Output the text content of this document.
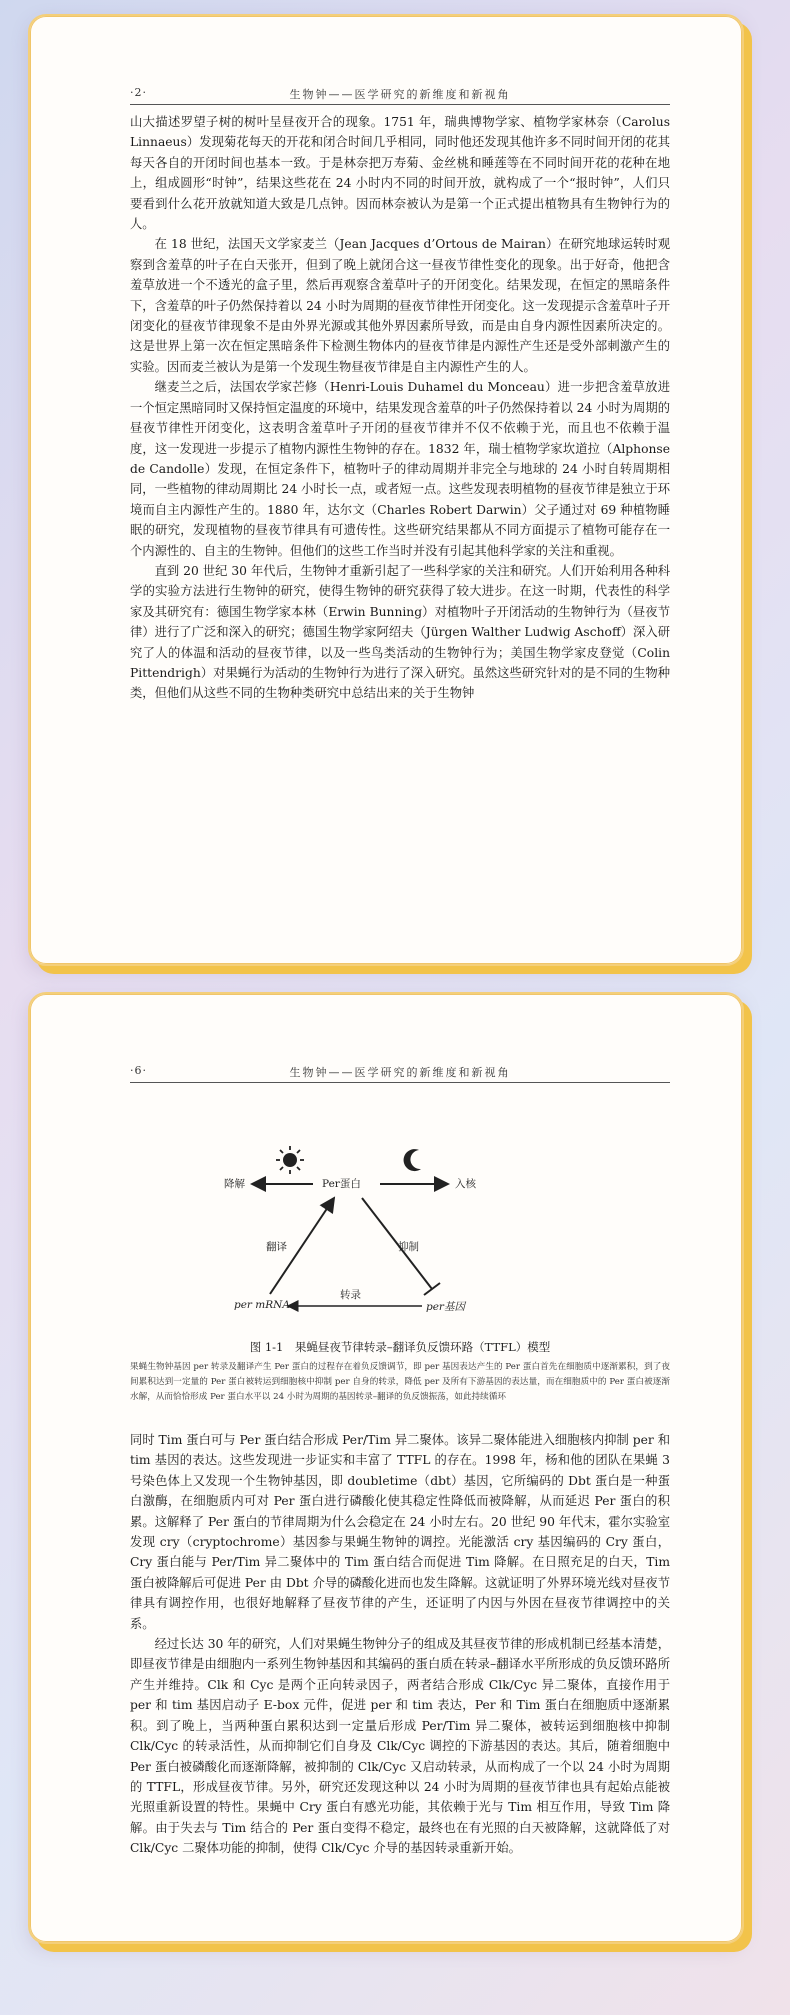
·2·	生物钟——医学研究的新维度和新视角

山大描述罗望子树的树叶呈昼夜开合的现象。1751 年，瑞典博物学家、植物学家林奈（Carolus Linnaeus）发现菊花每天的开花和闭合时间几乎相同，同时他还发现其他许多不同时间开闭的花其每天各自的开闭时间也基本一致。于是林奈把万寿菊、金丝桃和睡莲等在不同时间开花的花种在地上，组成圆形“时钟”，结果这些花在 24 小时内不同的时间开放，就构成了一个“报时钟”，人们只要看到什么花开放就知道大致是几点钟。因而林奈被认为是第一个正式提出植物具有生物钟行为的人。

在 18 世纪，法国天文学家麦兰（Jean Jacques d’Ortous de Mairan）在研究地球运转时观察到含羞草的叶子在白天张开，但到了晚上就闭合这一昼夜节律性变化的现象。出于好奇，他把含羞草放进一个不透光的盒子里，然后再观察含羞草叶子的开闭变化。结果发现，在恒定的黑暗条件下，含羞草的叶子仍然保持着以 24 小时为周期的昼夜节律性开闭变化。这一发现提示含羞草叶子开闭变化的昼夜节律现象不是由外界光源或其他外界因素所导致，而是由自身内源性因素所决定的。这是世界上第一次在恒定黑暗条件下检测生物体内的昼夜节律是内源性产生还是受外部刺激产生的实验。因而麦兰被认为是第一个发现生物昼夜节律是自主内源性产生的人。

继麦兰之后，法国农学家芒修（Henri-Louis Duhamel du Monceau）进一步把含羞草放进一个恒定黑暗同时又保持恒定温度的环境中，结果发现含羞草的叶子仍然保持着以 24 小时为周期的昼夜节律性开闭变化，这表明含羞草叶子开闭的昼夜节律并不仅不依赖于光，而且也不依赖于温度，这一发现进一步提示了植物内源性生物钟的存在。1832 年，瑞士植物学家坎道拉（Alphonse de Candolle）发现，在恒定条件下，植物叶子的律动周期并非完全与地球的 24 小时自转周期相同，一些植物的律动周期比 24 小时长一点，或者短一点。这些发现表明植物的昼夜节律是独立于环境而自主内源性产生的。1880 年，达尔文（Charles Robert Darwin）父子通过对 69 种植物睡眠的研究，发现植物的昼夜节律具有可遗传性。这些研究结果都从不同方面提示了植物可能存在一个内源性的、自主的生物钟。但他们的这些工作当时并没有引起其他科学家的关注和重视。

直到 20 世纪 30 年代后，生物钟才重新引起了一些科学家的关注和研究。人们开始利用各种科学的实验方法进行生物钟的研究，使得生物钟的研究获得了较大进步。在这一时期，代表性的科学家及其研究有：德国生物学家本林（Erwin Bunning）对植物叶子开闭活动的生物钟行为（昼夜节律）进行了广泛和深入的研究；德国生物学家阿绍夫（Jürgen Walther Ludwig Aschoff）深入研究了人的体温和活动的昼夜节律，以及一些鸟类活动的生物钟行为；美国生物学家皮登觉（Colin Pittendrigh）对果蝇行为活动的生物钟行为进行了深入研究。虽然这些研究针对的是不同的生物种类，但他们从这些不同的生物种类研究中总结出来的关于生物钟

·6·	生物钟——医学研究的新维度和新视角
Per蛋白
降解	入核
per mRNA	per基因
翻译	抑制
转录
图 1-1　果蝇昼夜节律转录–翻译负反馈环路（TTFL）模型
果蝇生物钟基因 per 转录及翻译产生 Per 蛋白的过程存在着负反馈调节，即 per 基因表达产生的 Per 蛋白首先在细胞质中逐渐累积，到了夜间累积达到一定量的 Per 蛋白被转运到细胞核中抑制 per 自身的转录，降低 per 及所有下游基因的表达量，而在细胞质中的 Per 蛋白被逐渐水解，从而恰恰形成 Per 蛋白水平以 24 小时为周期的基因转录–翻译的负反馈振荡，如此持续循环

同时 Tim 蛋白可与 Per 蛋白结合形成 Per/Tim 异二聚体。该异二聚体能进入细胞核内抑制 per 和 tim 基因的表达。这些发现进一步证实和丰富了 TTFL 的存在。1998 年，杨和他的团队在果蝇 3 号染色体上又发现一个生物钟基因，即 doubletime（dbt）基因，它所编码的 Dbt 蛋白是一种蛋白激酶，在细胞质内可对 Per 蛋白进行磷酸化使其稳定性降低而被降解，从而延迟 Per 蛋白的积累。这解释了 Per 蛋白的节律周期为什么会稳定在 24 小时左右。20 世纪 90 年代末，霍尔实验室发现 cry（cryptochrome）基因参与果蝇生物钟的调控。光能激活 cry 基因编码的 Cry 蛋白，Cry 蛋白能与 Per/Tim 异二聚体中的 Tim 蛋白结合而促进 Tim 降解。在日照充足的白天，Tim 蛋白被降解后可促进 Per 由 Dbt 介导的磷酸化进而也发生降解。这就证明了外界环境光线对昼夜节律具有调控作用，也很好地解释了昼夜节律的产生，还证明了内因与外因在昼夜节律调控中的关系。

经过长达 30 年的研究，人们对果蝇生物钟分子的组成及其昼夜节律的形成机制已经基本清楚，即昼夜节律是由细胞内一系列生物钟基因和其编码的蛋白质在转录–翻译水平所形成的负反馈环路所产生并维持。Clk 和 Cyc 是两个正向转录因子，两者结合形成 Clk/Cyc 异二聚体，直接作用于 per 和 tim 基因启动子 E-box 元件，促进 per 和 tim 表达，Per 和 Tim 蛋白在细胞质中逐渐累积。到了晚上，当两种蛋白累积达到一定量后形成 Per/Tim 异二聚体，被转运到细胞核中抑制 Clk/Cyc 的转录活性，从而抑制它们自身及 Clk/Cyc 调控的下游基因的表达。其后，随着细胞中 Per 蛋白被磷酸化而逐渐降解，被抑制的 Clk/Cyc 又启动转录，从而构成了一个以 24 小时为周期的 TTFL，形成昼夜节律。另外，研究还发现这种以 24 小时为周期的昼夜节律也具有起始点能被光照重新设置的特性。果蝇中 Cry 蛋白有感光功能，其依赖于光与 Tim 相互作用，导致 Tim 降解。由于失去与 Tim 结合的 Per 蛋白变得不稳定，最终也在有光照的白天被降解，这就降低了对 Clk/Cyc 二聚体功能的抑制，使得 Clk/Cyc 介导的基因转录重新开始。
